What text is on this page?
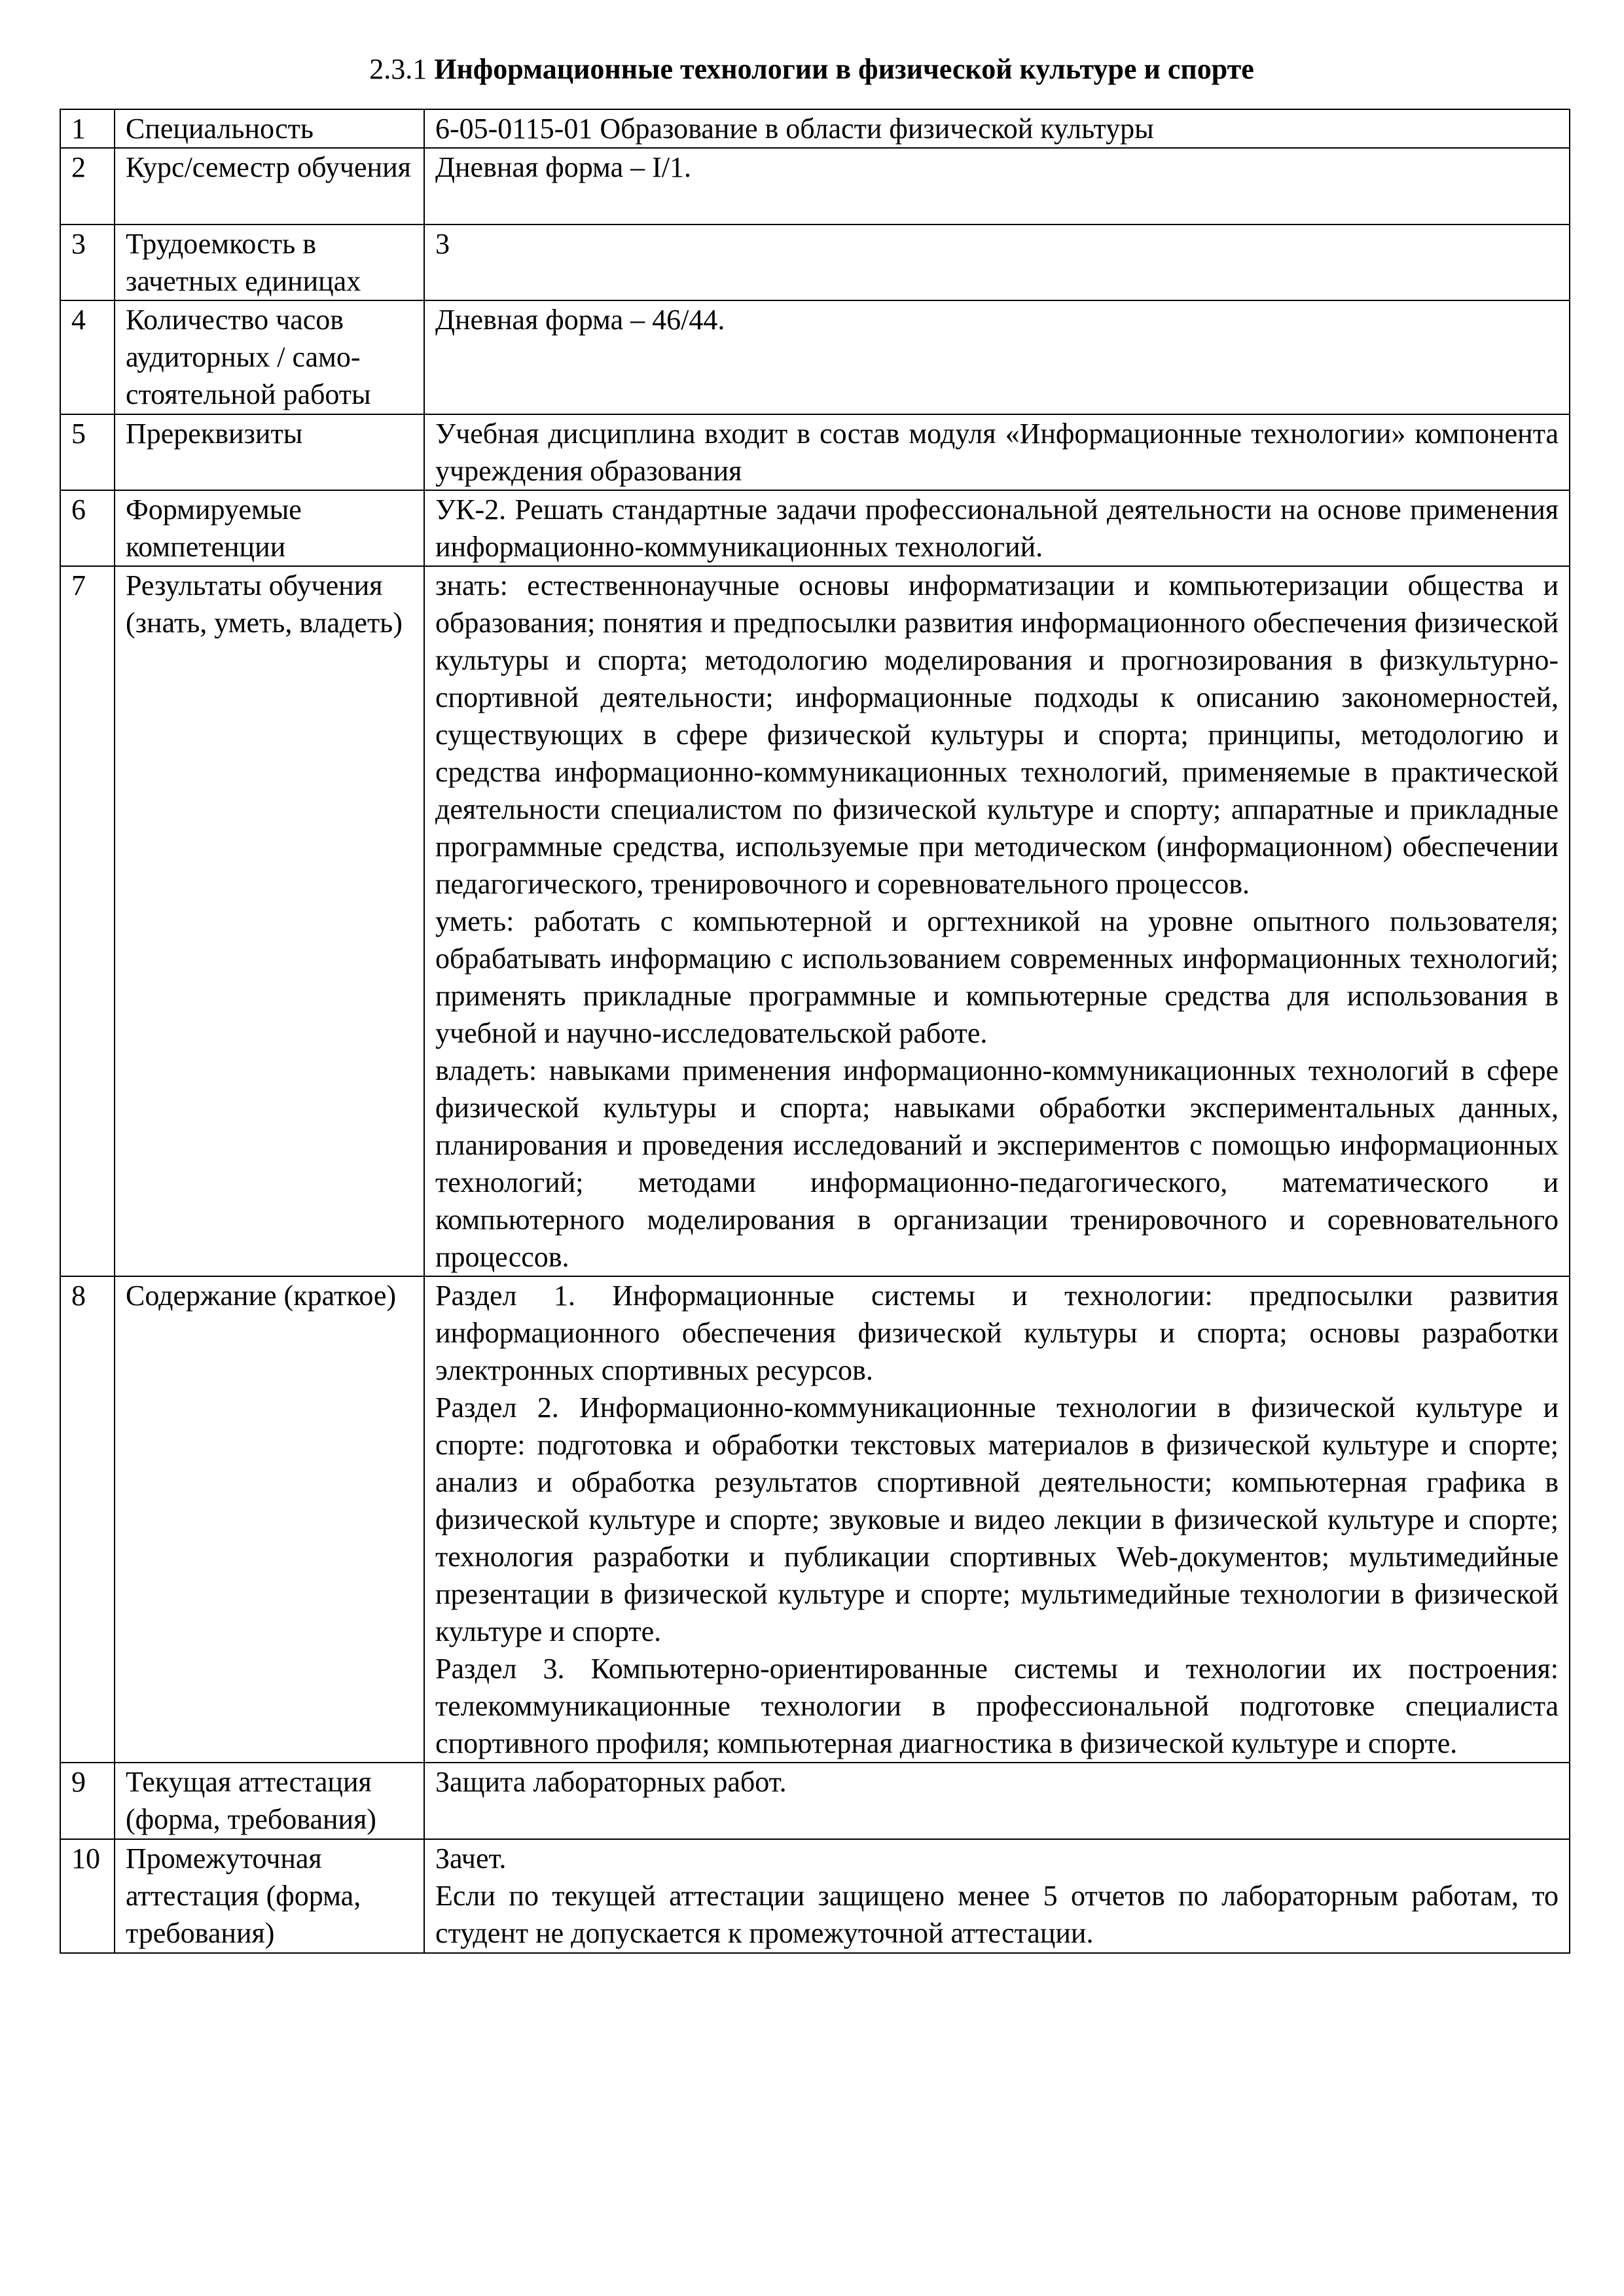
2.3.1 Информационные технологии в физической культуре и спорте
1	Специальность	6-05-0115-01 Образование в области физической культуры
2	Курс/семестр обучения	Дневная форма – I/1.
3	Трудоемкость в зачетных единицах	3
4	Количество часов аудиторных / само-стоятельной работы	Дневная форма – 46/44.
5	Пререквизиты	Учебная дисциплина входит в состав модуля «Информационные технологии» компонента учреждения образования
6	Формируемые компетенции	УК-2. Решать стандартные задачи профессиональной деятельности на основе применения информационно-коммуникационных технологий.
7	Результаты обучения (знать, уметь, владеть)	знать: естественнонаучные основы информатизации и компьютеризации общества и образования; понятия и предпосылки развития информационного обеспечения физической культуры и спорта; методологию моделирования и прогнозирования в физкультурно-спортивной деятельности; информационные подходы к описанию закономерностей, существующих в сфере физической культуры и спорта; принципы, методологию и средства информационно-коммуникационных технологий, применяемые в практической деятельности специалистом по физической культуре и спорту; аппаратные и прикладные программные средства, используемые при методическом (информационном) обеспечении педагогического, тренировочного и соревновательного процессов.

уметь: работать с компьютерной и оргтехникой на уровне опытного пользователя; обрабатывать информацию с использованием современных информационных технологий; применять прикладные программные и компьютерные средства для использования в учебной и научно-исследовательской работе.

владеть: навыками применения информационно-коммуникационных технологий в сфере физической культуры и спорта; навыками обработки экспериментальных данных, планирования и проведения исследований и экспериментов с помощью информационных технологий; методами информационно-педагогического, математического и компьютерного моделирования в организации тренировочного и соревновательного процессов.

8	Содержание (краткое)	Раздел 1. Информационные системы и технологии: предпосылки развития информационного обеспечения физической культуры и спорта; основы разработки электронных спортивных ресурсов.

Раздел 2. Информационно-коммуникационные технологии в физической культуре и спорте: подготовка и обработки текстовых материалов в физической культуре и спорте; анализ и обработка результатов спортивной деятельности; компьютерная графика в физической культуре и спорте; звуковые и видео лекции в физической культуре и спорте; технология разработки и публикации спортивных Web-документов; мультимедийные презентации в физической культуре и спорте; мультимедийные технологии в физической культуре и спорте.

Раздел 3. Компьютерно-ориентированные системы и технологии их построения: телекоммуникационные технологии в профессиональной подготовке специалиста спортивного профиля; компьютерная диагностика в физической культуре и спорте.

9	Текущая аттестация (форма, требования)	Защита лабораторных работ.
10	Промежуточная аттестация (форма, требования)	Зачет.

Если по текущей аттестации защищено менее 5 отчетов по лабораторным работам, то студент не допускается к промежуточной аттестации.
